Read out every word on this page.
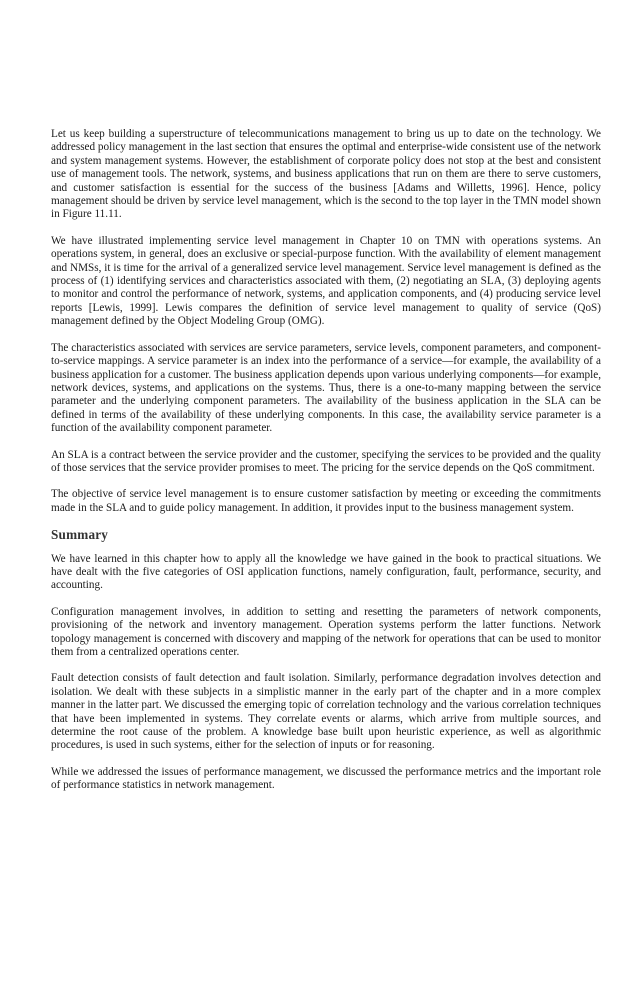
Let us keep building a superstructure of telecommunications management to bring us up to date on the technology. We addressed policy management in the last section that ensures the optimal and enterprise-wide consistent use of the network and system management systems. However, the establishment of corporate policy does not stop at the best and consistent use of management tools. The network, systems, and business applications that run on them are there to serve customers, and customer satisfaction is essential for the success of the business [Adams and Willetts, 1996]. Hence, policy management should be driven by service level management, which is the second to the top layer in the TMN model shown in Figure 11.11.

We have illustrated implementing service level management in Chapter 10 on TMN with operations systems. An operations system, in general, does an exclusive or special-purpose function. With the availability of element management and NMSs, it is time for the arrival of a generalized service level management. Service level management is defined as the process of (1) identifying services and characteristics associated with them, (2) negotiating an SLA, (3) deploying agents to monitor and control the performance of network, systems, and application components, and (4) producing service level reports [Lewis, 1999]. Lewis compares the definition of service level management to quality of service (QoS) management defined by the Object Modeling Group (OMG).

The characteristics associated with services are service parameters, service levels, component parameters, and component-to-service mappings. A service parameter is an index into the performance of a service—for example, the availability of a business application for a customer. The business application depends upon various underlying components—for example, network devices, systems, and applications on the systems. Thus, there is a one-to-many mapping between the service parameter and the underlying component parameters. The availability of the business application in the SLA can be defined in terms of the availability of these underlying components. In this case, the availability service parameter is a function of the availability component parameter.

An SLA is a contract between the service provider and the customer, specifying the services to be provided and the quality of those services that the service provider promises to meet. The pricing for the service depends on the QoS commitment.

The objective of service level management is to ensure customer satisfaction by meeting or exceeding the commitments made in the SLA and to guide policy management. In addition, it provides input to the business management system.

Summary

We have learned in this chapter how to apply all the knowledge we have gained in the book to practical situations. We have dealt with the five categories of OSI application functions, namely configuration, fault, performance, security, and accounting.

Configuration management involves, in addition to setting and resetting the parameters of network components, provisioning of the network and inventory management. Operation systems perform the latter functions. Network topology management is concerned with discovery and mapping of the network for operations that can be used to monitor them from a centralized operations center.

Fault detection consists of fault detection and fault isolation. Similarly, performance degradation involves detection and isolation. We dealt with these subjects in a simplistic manner in the early part of the chapter and in a more complex manner in the latter part. We discussed the emerging topic of correlation technology and the various correlation techniques that have been implemented in systems. They correlate events or alarms, which arrive from multiple sources, and determine the root cause of the problem. A knowledge base built upon heuristic experience, as well as algorithmic procedures, is used in such systems, either for the selection of inputs or for reasoning.

While we addressed the issues of performance management, we discussed the performance metrics and the important role of performance statistics in network management.
